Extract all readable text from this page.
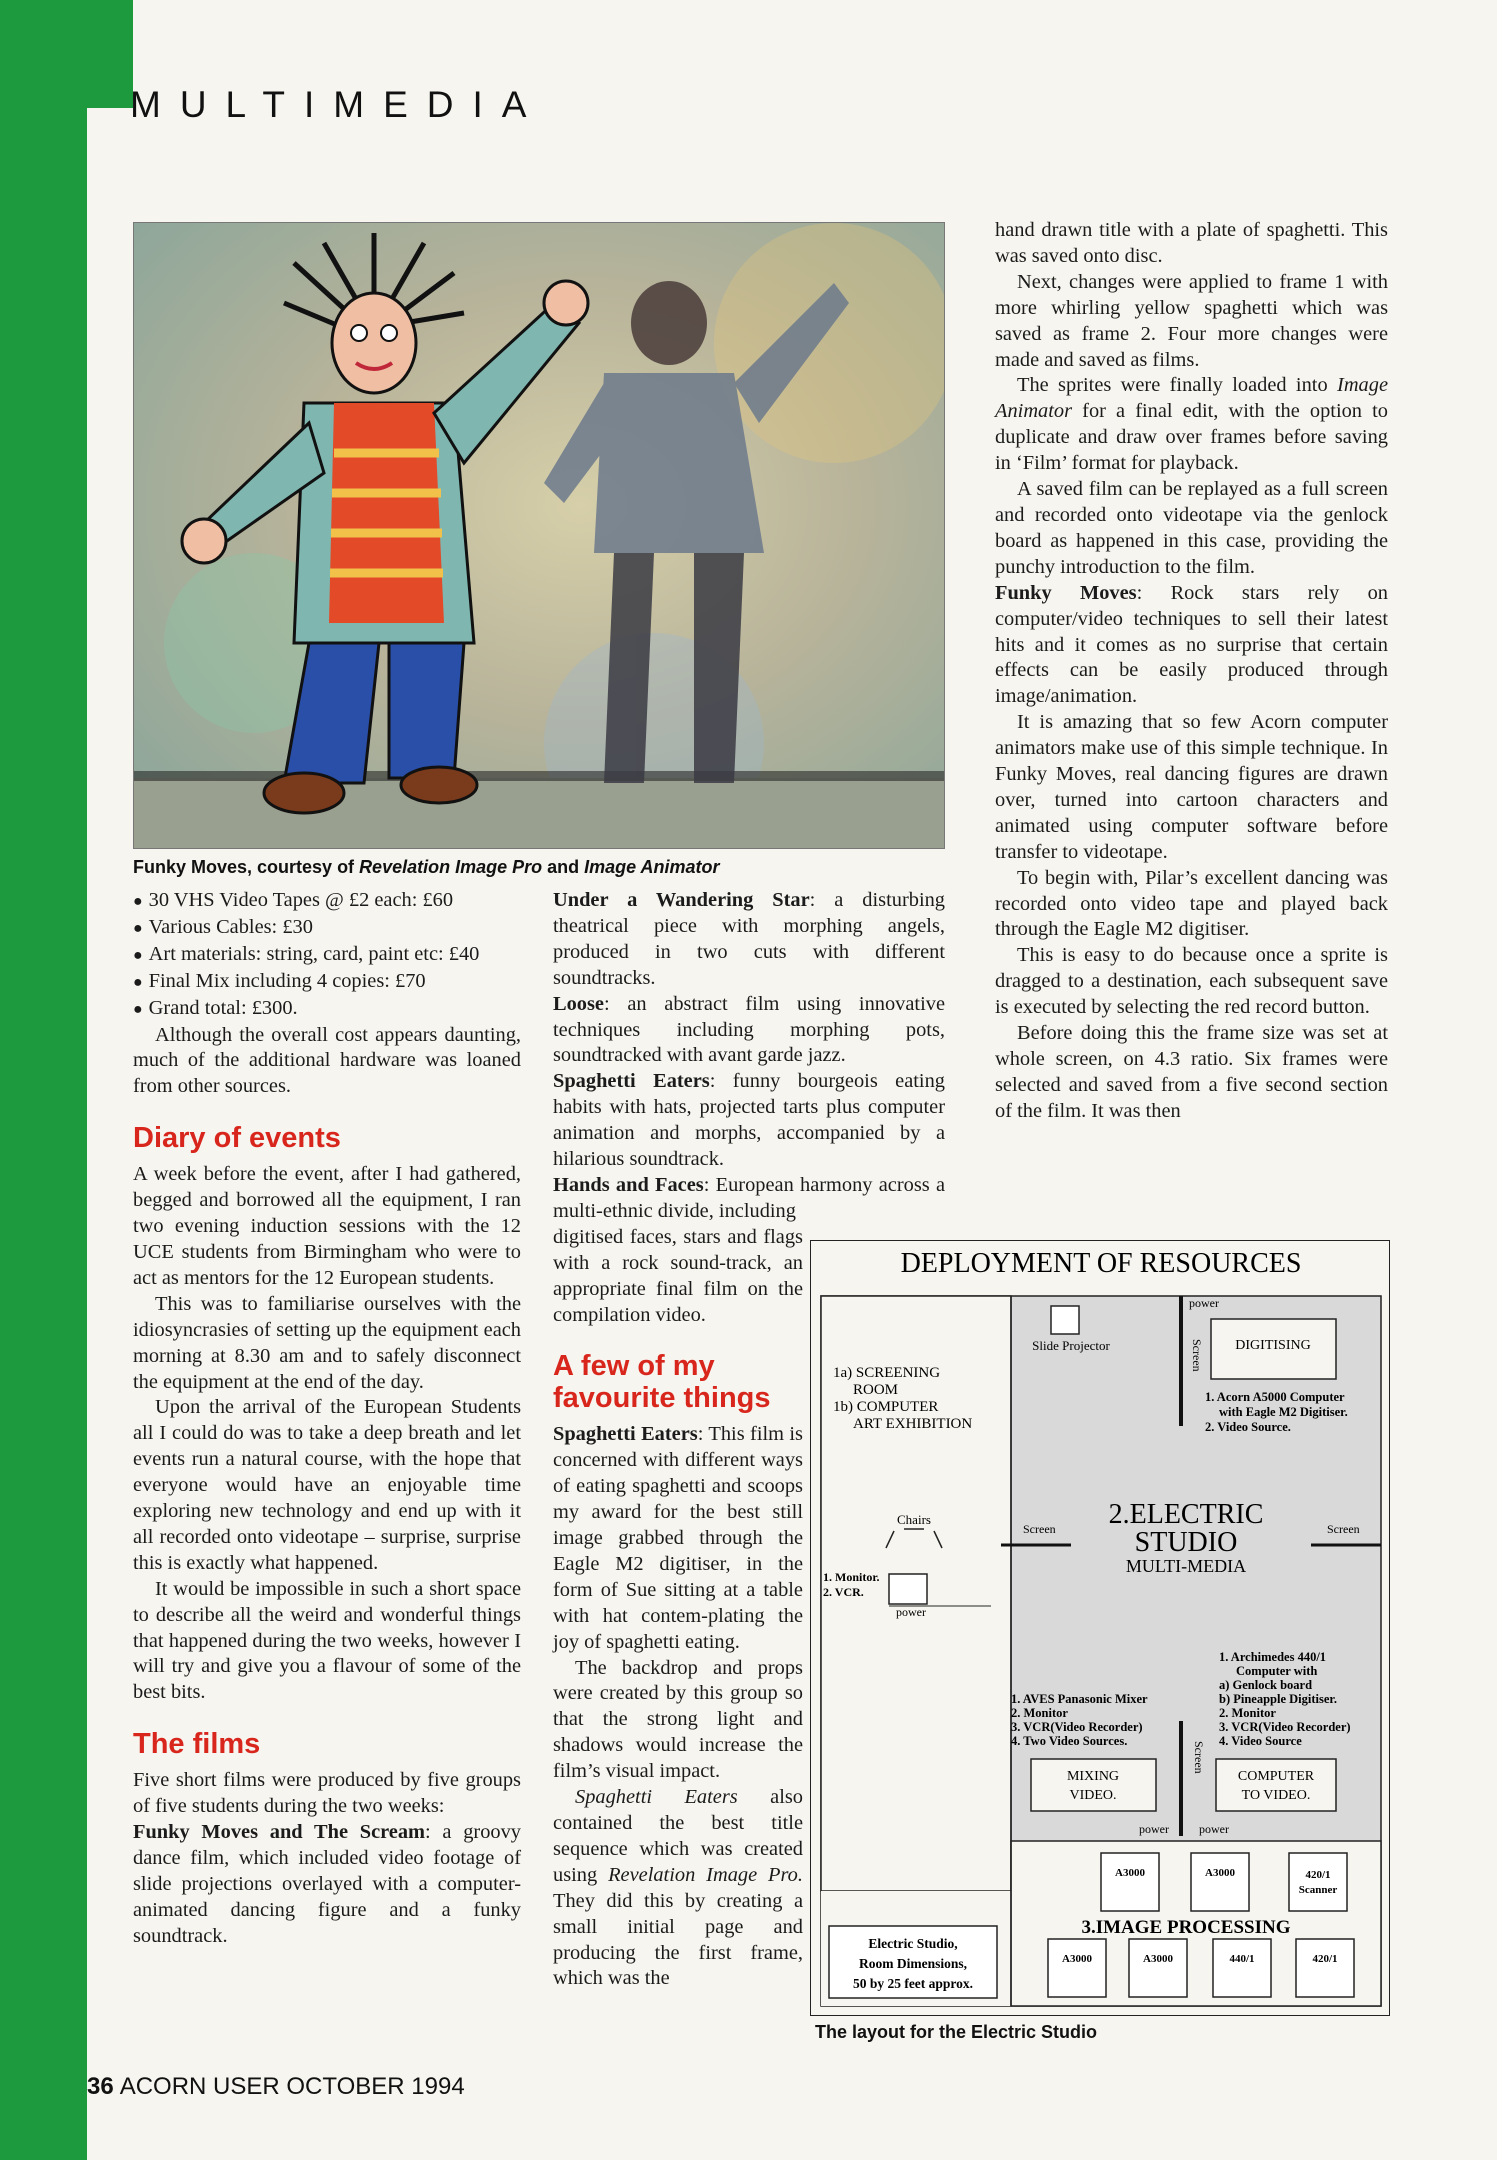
MULTIMEDIA
Funky Moves, courtesy of Revelation Image Pro and Image Animator

● 30 VHS Video Tapes @ £2 each: £60

● Various Cables: £30

● Art materials: string, card, paint etc: £40

● Final Mix including 4 copies: £70

● Grand total: £300.

Although the overall cost appears daunting, much of the additional hardware was loaned from other sources.

Diary of events

A week before the event, after I had gathered, begged and borrowed all the equipment, I ran two evening induction sessions with the 12 UCE students from Birmingham who were to act as mentors for the 12 European students.

This was to familiarise ourselves with the idiosyncrasies of setting up the equipment each morning at 8.30 am and to safely disconnect the equipment at the end of the day.

Upon the arrival of the European Students all I could do was to take a deep breath and let events run a natural course, with the hope that everyone would have an enjoyable time exploring new technology and end up with it all recorded onto videotape – surprise, surprise this is exactly what happened.

It would be impossible in such a short space to describe all the weird and wonderful things that happened during the two weeks, however I will try and give you a flavour of some of the best bits.

The films

Five short films were produced by five groups of five students during the two weeks:

Funky Moves and The Scream: a groovy dance film, which included video footage of slide projections overlayed with a computer-animated dancing figure and a funky soundtrack.

Under a Wandering Star: a disturbing theatrical piece with morphing angels, produced in two cuts with different soundtracks.

Loose: an abstract film using innovative techniques including morphing pots, soundtracked with avant garde jazz.

Spaghetti Eaters: funny bourgeois eating habits with hats, projected tarts plus computer animation and morphs, accompanied by a hilarious soundtrack.

Hands and Faces: European harmony across a multi-ethnic divide, including

digitised faces, stars and flags with a rock sound-track, an appropriate final film on the compilation video.

A few of my
favourite things

Spaghetti Eaters: This film is concerned with different ways of eating spaghetti and scoops my award for the best still image grabbed through the Eagle M2 digitiser, in the form of Sue sitting at a table with hat contem-plating the joy of spaghetti eating.

The backdrop and props were created by this group so that the strong light and shadows would increase the film’s visual impact.

Spaghetti Eaters also contained the best title sequence which was created using Revelation Image Pro. They did this by creating a small initial page and producing the first frame, which was the

hand drawn title with a plate of spaghetti. This was saved onto disc.

Next, changes were applied to frame 1 with more whirling yellow spaghetti which was saved as frame 2. Four more changes were made and saved as films.

The sprites were finally loaded into Image Animator for a final edit, with the option to duplicate and draw over frames before saving in ‘Film’ format for playback.

A saved film can be replayed as a full screen and recorded onto videotape via the genlock board as happened in this case, providing the punchy introduction to the film.

Funky Moves: Rock stars rely on computer/video techniques to sell their latest hits and it comes as no surprise that certain effects can be easily produced through image/animation.

It is amazing that so few Acorn computer animators make use of this simple technique. In Funky Moves, real dancing figures are drawn over, turned into cartoon characters and animated using computer software before transfer to videotape.

To begin with, Pilar’s excellent dancing was recorded onto video tape and played back through the Eagle M2 digitiser.

This is easy to do because once a sprite is dragged to a destination, each subsequent save is executed by selecting the red record button.

Before doing this the frame size was set at whole screen, on 4.3 ratio. Six frames were selected and saved from a five second section of the film. It was then

DEPLOYMENT OF RESOURCES
Slide Projector
power
Screen DIGITISING
1. Acorn A5000 Computer
with Eagle M2 Digitiser.
2. Video Source.
1a) SCREENING
ROOM
1b) COMPUTER
ART EXHIBITION
Chairs
1. Monitor.
2. VCR.
power
Screen	Screen
2.ELECTRIC
STUDIO
MULTI-MEDIA
1. AVES Panasonic Mixer
2. Monitor
3. VCR(Video Recorder)
4. Two Video Sources.
MIXING
VIDEO.
power
Screen
1. Archimedes 440/1
Computer with
a) Genlock board
b) Pineapple Digitiser.
2. Monitor
3. VCR(Video Recorder)
4. Video Source
COMPUTER
TO VIDEO.
power
A3000	A3000	420/1
Scanner
3.IMAGE PROCESSING
A3000	A3000	440/1	420/1
Electric Studio,
Room Dimensions,
50 by 25 feet approx.
The layout for the Electric Studio
36 ACORN USER OCTOBER 1994
